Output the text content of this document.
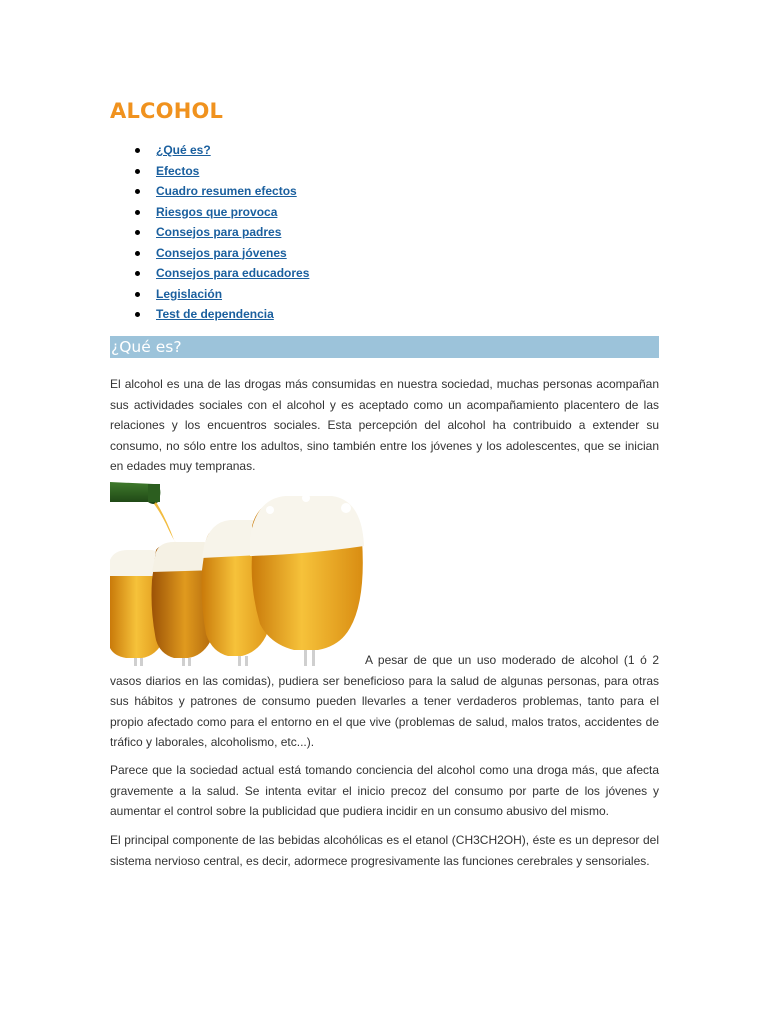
ALCOHOL
¿Qué es?
Efectos
Cuadro resumen efectos
Riesgos que provoca
Consejos para padres
Consejos para jóvenes
Consejos para educadores
Legislación
Test de dependencia
¿Qué es?

El alcohol es una de las drogas más consumidas en nuestra sociedad, muchas personas acompañan sus actividades sociales con el alcohol y es aceptado como un acompañamiento placentero de las relaciones y los encuentros sociales. Esta percepción del alcohol ha contribuido a extender su consumo, no sólo entre los adultos, sino también entre los jóvenes y los adolescentes, que se inician en edades muy tempranas.

A pesar de que un uso moderado de alcohol (1 ó 2 vasos diarios en las comidas), pudiera ser beneficioso para la salud de algunas personas, para otras sus hábitos y patrones de consumo pueden llevarles a tener verdaderos problemas, tanto para el propio afectado como para el entorno en el que vive (problemas de salud, malos tratos, accidentes de tráfico y laborales, alcoholismo, etc...).

Parece que la sociedad actual está tomando conciencia del alcohol como una droga más, que afecta gravemente a la salud. Se intenta evitar el inicio precoz del consumo por parte de los jóvenes y aumentar el control sobre la publicidad que pudiera incidir en un consumo abusivo del mismo.

El principal componente de las bebidas alcohólicas es el etanol (CH3CH2OH), éste es un depresor del sistema nervioso central, es decir, adormece progresivamente las funciones cerebrales y sensoriales.
